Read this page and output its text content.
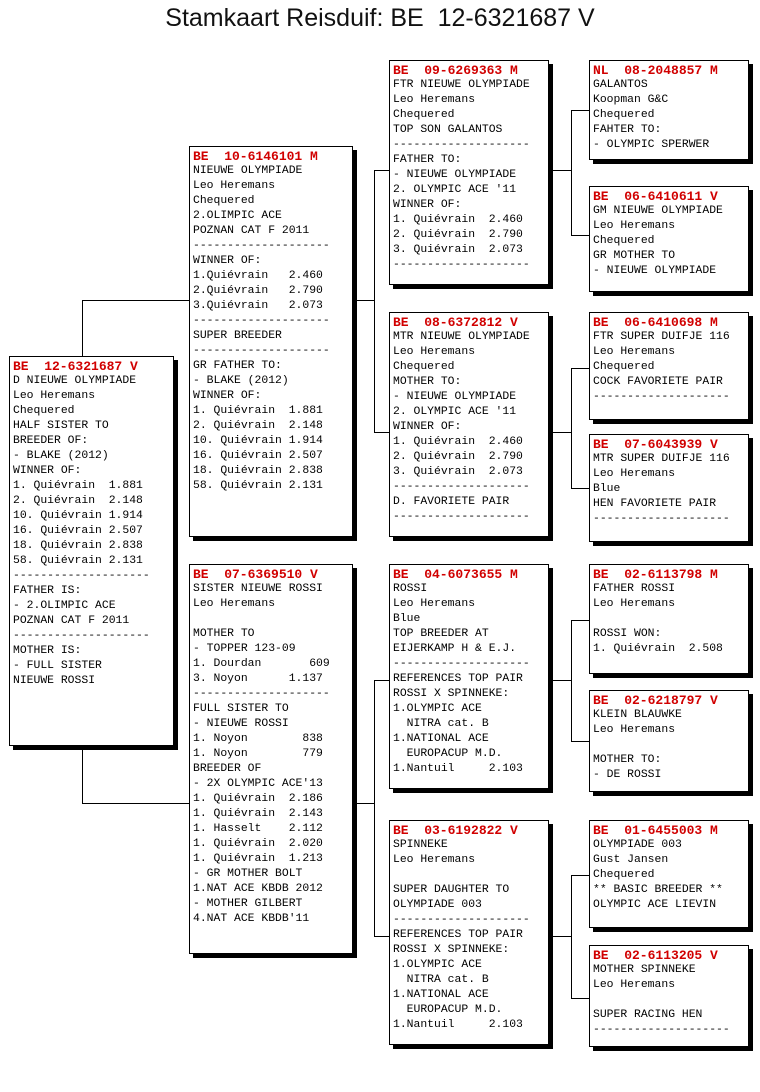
Stamkaart Reisduif: BE  12-6321687 V
BE  12-6321687 V
D NIEUWE OLYMPIADE
Leo Heremans
Chequered
HALF SISTER TO
BREEDER OF:
- BLAKE (2012)
WINNER OF:
1. Quiévrain  1.881
2. Quiévrain  2.148
10. Quiévrain 1.914
16. Quiévrain 2.507
18. Quiévrain 2.838
58. Quiévrain 2.131
--------------------
FATHER IS:
- 2.OLIMPIC ACE
POZNAN CAT F 2011
--------------------
MOTHER IS:
- FULL SISTER
NIEUWE ROSSI
BE  10-6146101 M
NIEUWE OLYMPIADE
Leo Heremans
Chequered
2.OLIMPIC ACE
POZNAN CAT F 2011
--------------------
WINNER OF:
1.Quiévrain   2.460
2.Quiévrain   2.790
3.Quiévrain   2.073
--------------------
SUPER BREEDER
--------------------
GR FATHER TO:
- BLAKE (2012)
WINNER OF:
1. Quiévrain  1.881
2. Quiévrain  2.148
10. Quiévrain 1.914
16. Quiévrain 2.507
18. Quiévrain 2.838
58. Quiévrain 2.131
BE  07-6369510 V
SISTER NIEUWE ROSSI
Leo Heremans

MOTHER TO
- TOPPER 123-09
1. Dourdan       609
3. Noyon      1.137
--------------------
FULL SISTER TO
- NIEUWE ROSSI
1. Noyon        838
1. Noyon        779
BREEDER OF
- 2X OLYMPIC ACE'13
1. Quiévrain  2.186
1. Quiévrain  2.143
1. Hasselt    2.112
1. Quiévrain  2.020
1. Quiévrain  1.213
- GR MOTHER BOLT
1.NAT ACE KBDB 2012
- MOTHER GILBERT
4.NAT ACE KBDB'11
BE  09-6269363 M
FTR NIEUWE OLYMPIADE
Leo Heremans
Chequered
TOP SON GALANTOS
--------------------
FATHER TO:
- NIEUWE OLYMPIADE
2. OLYMPIC ACE '11
WINNER OF:
1. Quiévrain  2.460
2. Quiévrain  2.790
3. Quiévrain  2.073
--------------------
BE  08-6372812 V
MTR NIEUWE OLYMPIADE
Leo Heremans
Chequered
MOTHER TO:
- NIEUWE OLYMPIADE
2. OLYMPIC ACE '11
WINNER OF:
1. Quiévrain  2.460
2. Quiévrain  2.790
3. Quiévrain  2.073
--------------------
D. FAVORIETE PAIR
--------------------
BE  04-6073655 M
ROSSI
Leo Heremans
Blue
TOP BREEDER AT
EIJERKAMP H & E.J.
--------------------
REFERENCES TOP PAIR
ROSSI X SPINNEKE:
1.OLYMPIC ACE
NITRA cat. B
1.NATIONAL ACE
EUROPACUP M.D.
1.Nantuil     2.103
BE  03-6192822 V
SPINNEKE
Leo Heremans

SUPER DAUGHTER TO
OLYMPIADE 003
--------------------
REFERENCES TOP PAIR
ROSSI X SPINNEKE:
1.OLYMPIC ACE
NITRA cat. B
1.NATIONAL ACE
EUROPACUP M.D.
1.Nantuil     2.103
NL  08-2048857 M
GALANTOS
Koopman G&C
Chequered
FAHTER TO:
- OLYMPIC SPERWER
BE  06-6410611 V
GM NIEUWE OLYMPIADE
Leo Heremans
Chequered
GR MOTHER TO
- NIEUWE OLYMPIADE
BE  06-6410698 M
FTR SUPER DUIFJE 116
Leo Heremans
Chequered
COCK FAVORIETE PAIR
--------------------
BE  07-6043939 V
MTR SUPER DUIFJE 116
Leo Heremans
Blue
HEN FAVORIETE PAIR
--------------------
BE  02-6113798 M
FATHER ROSSI
Leo Heremans

ROSSI WON:
1. Quiévrain  2.508
BE  02-6218797 V
KLEIN BLAUWKE
Leo Heremans

MOTHER TO:
- DE ROSSI
BE  01-6455003 M
OLYMPIADE 003
Gust Jansen
Chequered
** BASIC BREEDER **
OLYMPIC ACE LIEVIN
BE  02-6113205 V
MOTHER SPINNEKE
Leo Heremans

SUPER RACING HEN
--------------------
